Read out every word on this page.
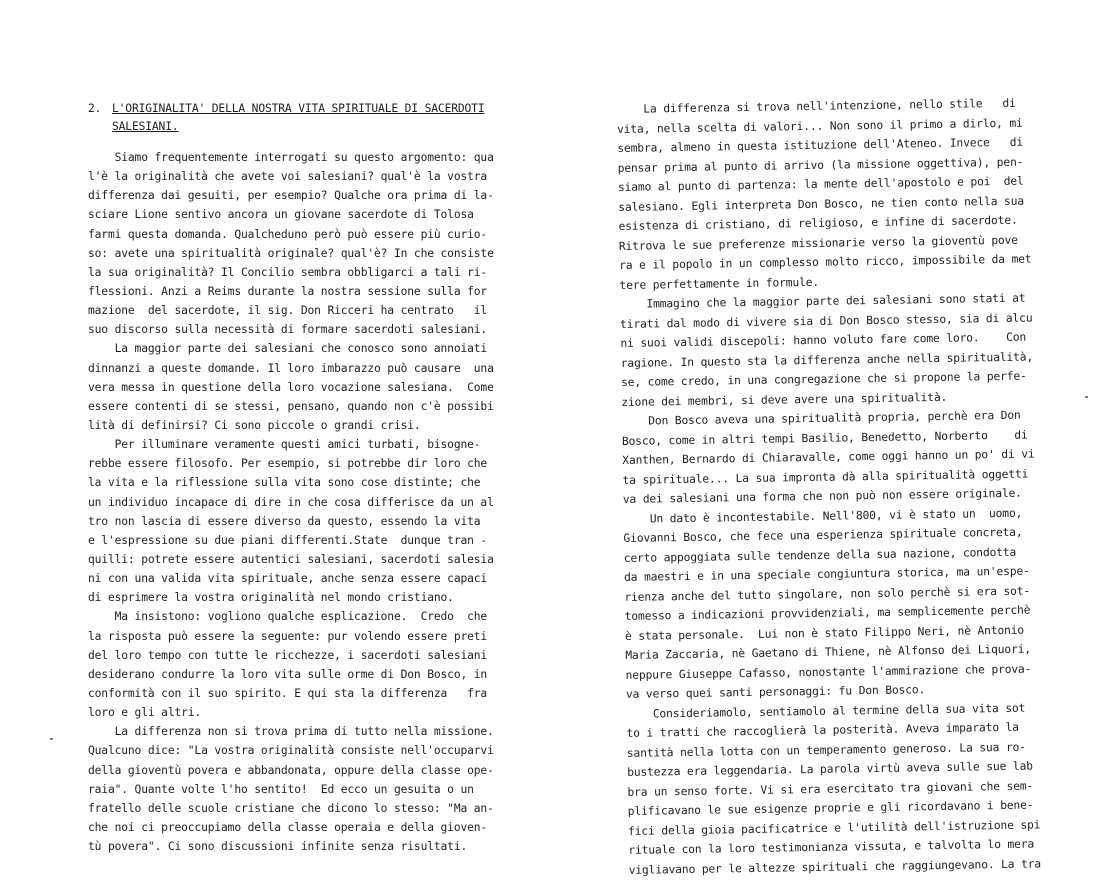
2. L'ORIGINALITA' DELLA NOSTRA VITA SPIRITUALE DI SACERDOTI
SALESIANI.
Siamo frequentemente interrogati su questo argomento: qua
l'è la originalità che avete voi salesiani? qual'è la vostra
differenza dai gesuiti, per esempio? Qualche ora prima di la-
sciare Lione sentivo ancora un giovane sacerdote di Tolosa
farmi questa domanda. Qualcheduno però può essere più curio-
so: avete una spiritualità originale? qual'è? In che consiste
la sua originalità? Il Concilio sembra obbligarci a tali ri-
flessioni. Anzi a Reims durante la nostra sessione sulla for
mazione  del sacerdote, il sig. Don Ricceri ha centrato   il
suo discorso sulla necessità di formare sacerdoti salesiani.
La maggior parte dei salesiani che conosco sono annoiati
dinnanzi a queste domande. Il loro imbarazzo può causare  una
vera messa in questione della loro vocazione salesiana.  Come
essere contenti di se stessi, pensano, quando non c'è possibi
lità di definirsi? Ci sono piccole o grandi crisi.
Per illuminare veramente questi amici turbati, bisogne-
rebbe essere filosofo. Per esempio, si potrebbe dir loro che
la vita e la riflessione sulla vita sono cose distinte; che
un individuo incapace di dire in che cosa differisce da un al
tro non lascia di essere diverso da questo, essendo la vita
e l'espressione su due piani differenti.State  dunque tran -
quilli: potrete essere autentici salesiani, sacerdoti salesia
ni con una valida vita spirituale, anche senza essere capaci
di esprimere la vostra originalità nel mondo cristiano.
Ma insistono: vogliono qualche esplicazione.  Credo  che
la risposta può essere la seguente: pur volendo essere preti
del loro tempo con tutte le ricchezze, i sacerdoti salesiani
desiderano condurre la loro vita sulle orme di Don Bosco, in
conformità con il suo spirito. E qui sta la differenza   fra
loro e gli altri.
La differenza non si trova prima di tutto nella missione.
Qualcuno dice: "La vostra originalità consiste nell'occuparvi
della gioventù povera e abbandonata, oppure della classe ope-
raia". Quante volte l'ho sentito!  Ed ecco un gesuita o un
fratello delle scuole cristiane che dicono lo stesso: "Ma an-
che noi ci preoccupiamo della classe operaia e della gioven-
tù povera". Ci sono discussioni infinite senza risultati.
La differenza si trova nell'intenzione, nello stile   di
vita, nella scelta di valori... Non sono il primo a dirlo, mi
sembra, almeno in questa istituzione dell'Ateneo. Invece   di
pensar prima al punto di arrivo (la missione oggettiva), pen-
siamo al punto di partenza: la mente dell'apostolo e poi  del
salesiano. Egli interpreta Don Bosco, ne tien conto nella sua
esistenza di cristiano, di religioso, e infine di sacerdote.
Ritrova le sue preferenze missionarie verso la gioventù pove
ra e il popolo in un complesso molto ricco, impossibile da met
tere perfettamente in formule.
Immagino che la maggior parte dei salesiani sono stati at
tirati dal modo di vivere sia di Don Bosco stesso, sia di alcu
ni suoi validi discepoli: hanno voluto fare come loro.    Con
ragione. In questo sta la differenza anche nella spiritualità,
se, come credo, in una congregazione che si propone la perfe-
zione dei membri, si deve avere una spiritualità.
Don Bosco aveva una spiritualità propria, perchè era Don
Bosco, come in altri tempi Basilio, Benedetto, Norberto    di
Xanthen, Bernardo di Chiaravalle, come oggi hanno un po' di vi
ta spirituale... La sua impronta dà alla spiritualità oggetti
va dei salesiani una forma che non può non essere originale.
Un dato è incontestabile. Nell'800, vi è stato un  uomo,
Giovanni Bosco, che fece una esperienza spirituale concreta,
certo appoggiata sulle tendenze della sua nazione, condotta
da maestri e in una speciale congiuntura storica, ma un'espe-
rienza anche del tutto singolare, non solo perchè si era sot-
tomesso a indicazioni provvidenziali, ma semplicemente perchè
è stata personale.  Lui non è stato Filippo Neri, nè Antonio
Maria Zaccaria, nè Gaetano di Thiene, nè Alfonso dei Liquori,
neppure Giuseppe Cafasso, nonostante l'ammirazione che prova-
va verso quei santi personaggi: fu Don Bosco.
Consideriamolo, sentiamolo al termine della sua vita sot
to i tratti che raccoglierà la posterità. Aveva imparato la
santità nella lotta con un temperamento generoso. La sua ro-
bustezza era leggendaria. La parola virtù aveva sulle sue lab
bra un senso forte. Vi si era esercitato tra giovani che sem-
plificavano le sue esigenze proprie e gli ricordavano i bene-
fici della gioia pacificatrice e l'utilità dell'istruzione spi
rituale con la loro testimonianza vissuta, e talvolta lo mera
vigliavano per le altezze spirituali che raggiungevano. La tra
